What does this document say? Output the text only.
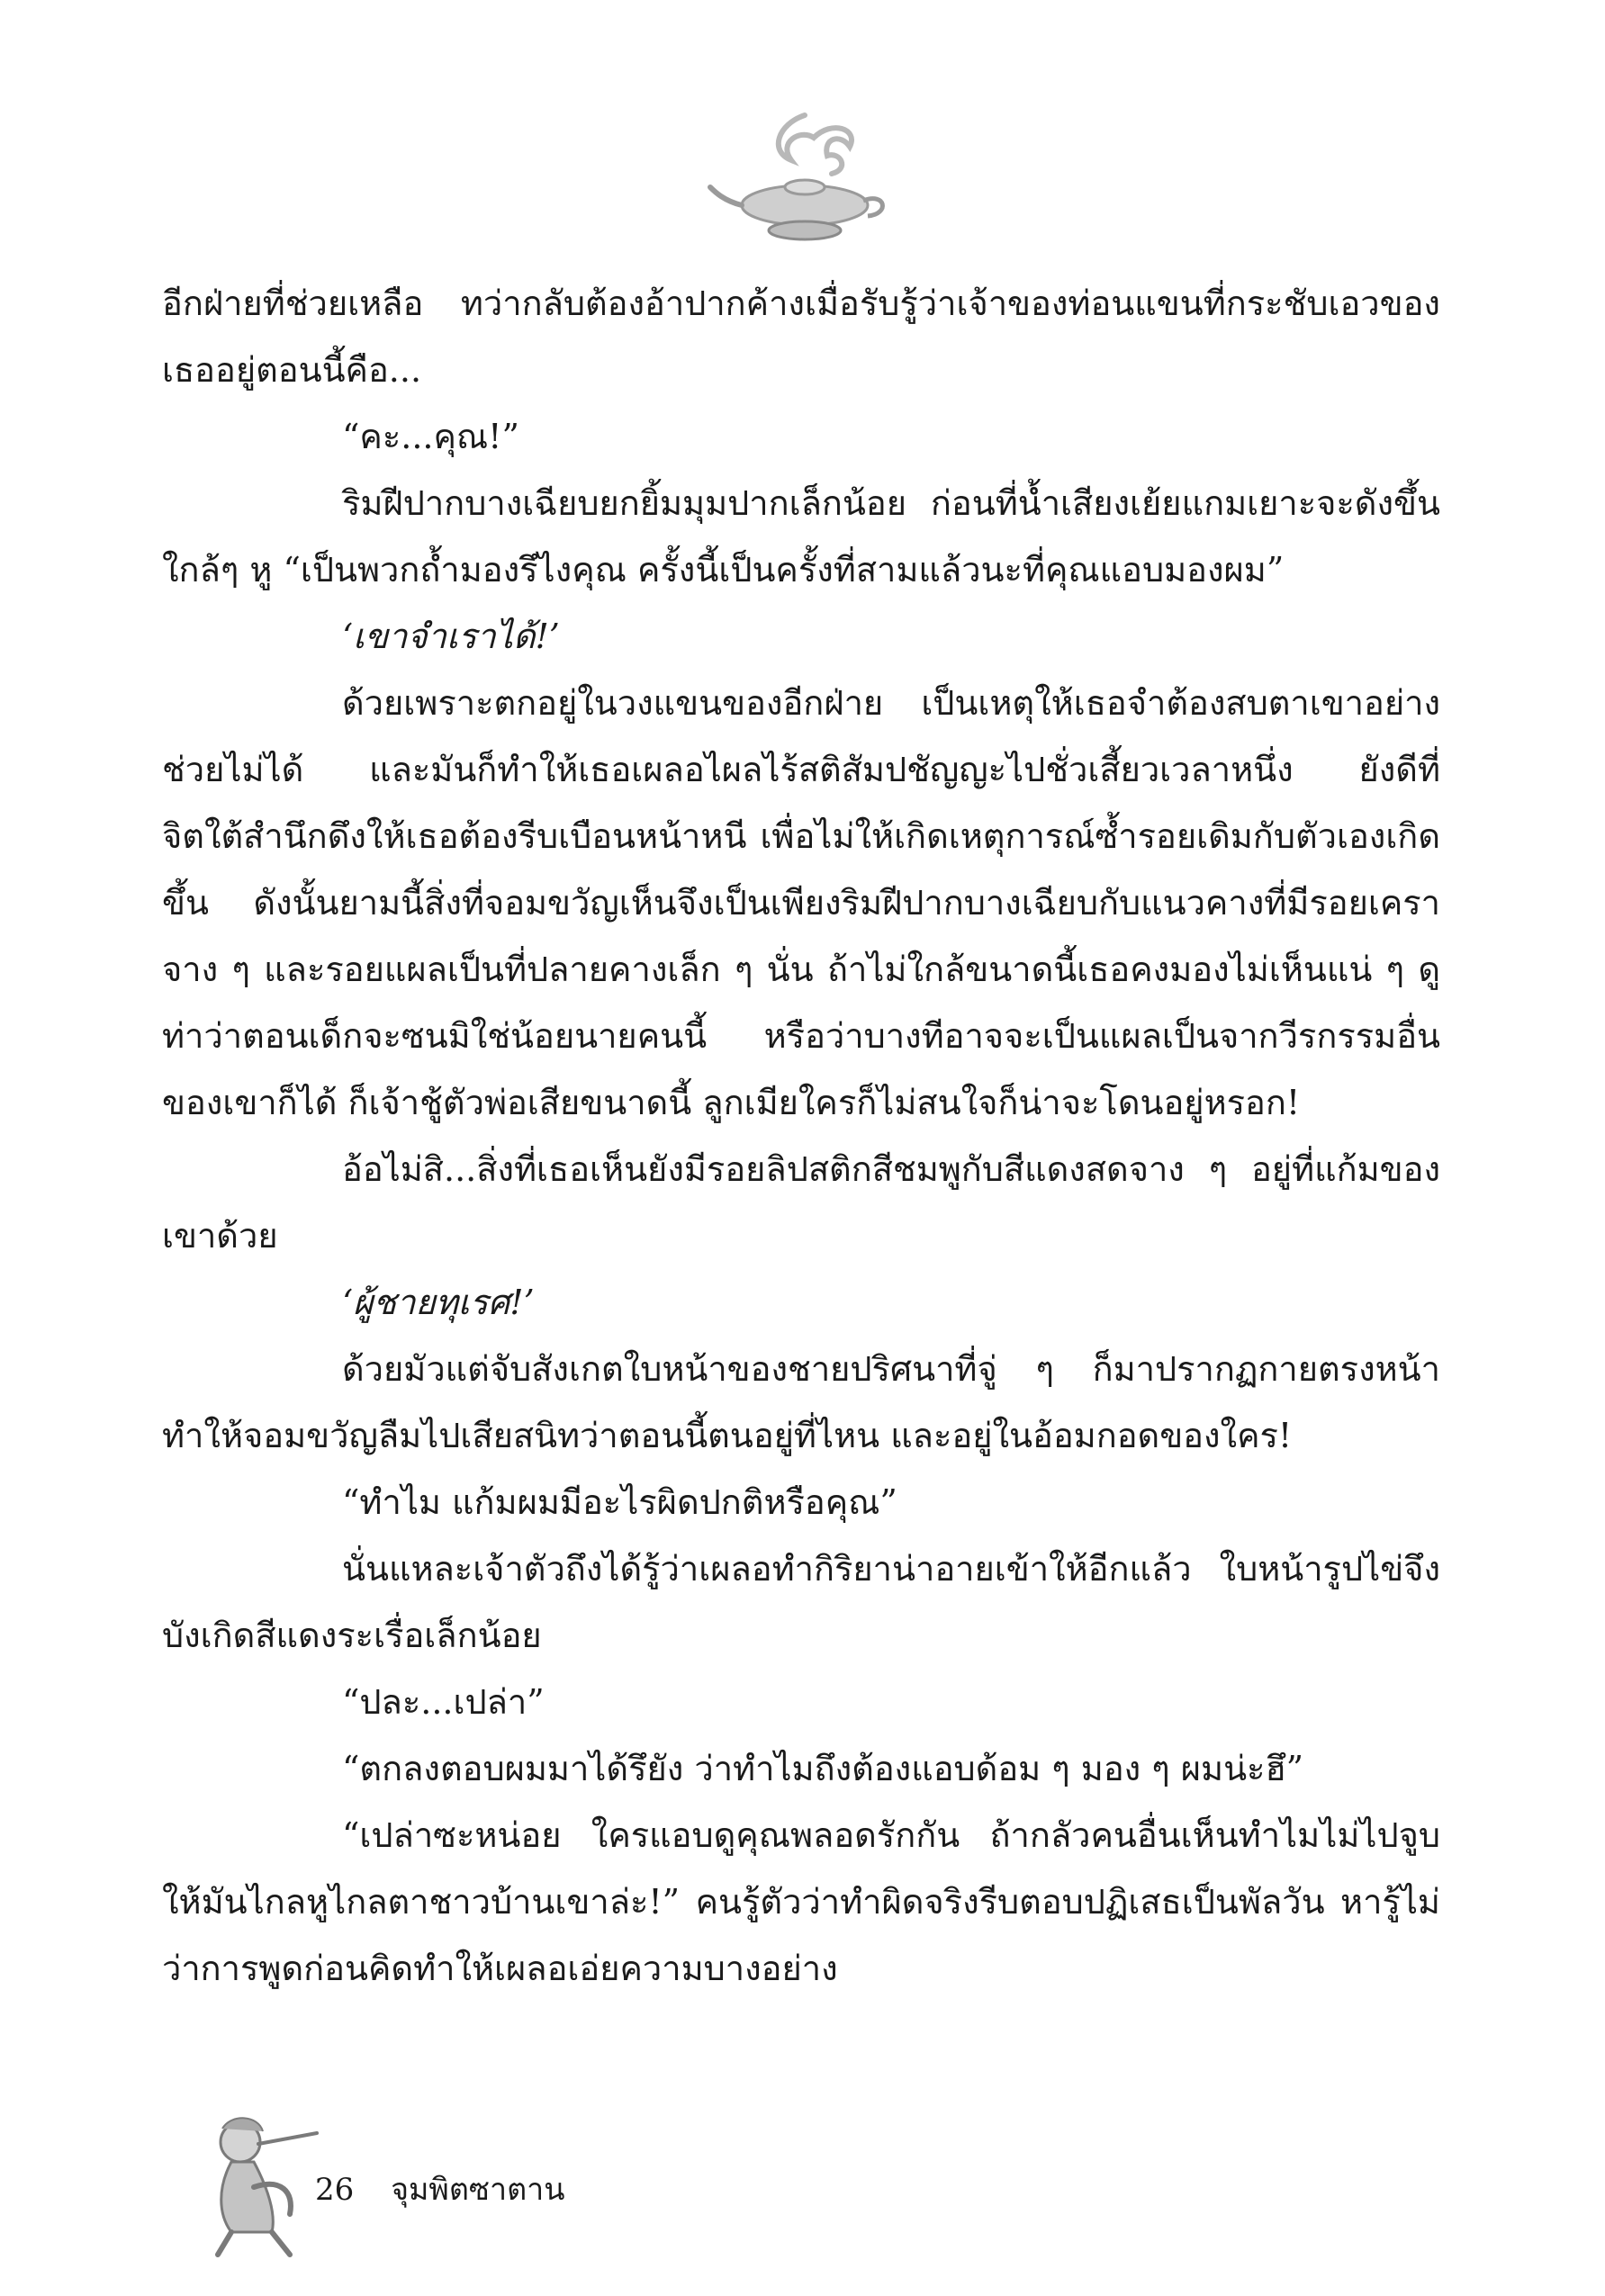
อีกฝ่ายที่ช่วยเหลือ ทว่ากลับต้องอ้าปากค้างเมื่อรับรู้ว่าเจ้าของท่อนแขนที่กระชับเอวของเธออยู่ตอนนี้คือ...

“คะ...คุณ!”

ริมฝีปากบางเฉียบยกยิ้มมุมปากเล็กน้อย ก่อนที่น้ำเสียงเย้ยแกมเยาะจะดังขึ้นใกล้ๆ หู “เป็นพวกถ้ำมองรึไงคุณ ครั้งนี้เป็นครั้งที่สามแล้วนะที่คุณแอบมองผม”

‘เขาจำเราได้!’

ด้วยเพราะตกอยู่ในวงแขนของอีกฝ่าย เป็นเหตุให้เธอจำต้องสบตาเขาอย่างช่วยไม่ได้ และมันก็ทำให้เธอเผลอไผลไร้สติสัมปชัญญะไปชั่วเสี้ยวเวลาหนึ่ง ยังดีที่จิตใต้สำนึกดึงให้เธอต้องรีบเบือนหน้าหนี เพื่อไม่ให้เกิดเหตุการณ์ซ้ำรอยเดิมกับตัวเองเกิดขึ้น ดังนั้นยามนี้สิ่งที่จอมขวัญเห็นจึงเป็นเพียงริมฝีปากบางเฉียบกับแนวคางที่มีรอยเคราจาง ๆ และรอยแผลเป็นที่ปลายคางเล็ก ๆ นั่น ถ้าไม่ใกล้ขนาดนี้เธอคงมองไม่เห็นแน่ ๆ ดูท่าว่าตอนเด็กจะซนมิใช่น้อยนายคนนี้ หรือว่าบางทีอาจจะเป็นแผลเป็นจากวีรกรรมอื่นของเขาก็ได้ ก็เจ้าชู้ตัวพ่อเสียขนาดนี้ ลูกเมียใครก็ไม่สนใจก็น่าจะโดนอยู่หรอก!

อ้อไม่สิ...สิ่งที่เธอเห็นยังมีรอยลิปสติกสีชมพูกับสีแดงสดจาง ๆ อยู่ที่แก้มของเขาด้วย

‘ผู้ชายทุเรศ!’

ด้วยมัวแต่จับสังเกตใบหน้าของชายปริศนาที่จู่ ๆ ก็มาปรากฏกายตรงหน้าทำให้จอมขวัญลืมไปเสียสนิทว่าตอนนี้ตนอยู่ที่ไหน และอยู่ในอ้อมกอดของใคร!

“ทำไม แก้มผมมีอะไรผิดปกติหรือคุณ”

นั่นแหละเจ้าตัวถึงได้รู้ว่าเผลอทำกิริยาน่าอายเข้าให้อีกแล้ว ใบหน้ารูปไข่จึงบังเกิดสีแดงระเรื่อเล็กน้อย

“ปละ...เปล่า”

“ตกลงตอบผมมาได้รึยัง ว่าทำไมถึงต้องแอบด้อม ๆ มอง ๆ ผมน่ะฮึ”

“เปล่าซะหน่อย ใครแอบดูคุณพลอดรักกัน ถ้ากลัวคนอื่นเห็นทำไมไม่ไปจูบให้มันไกลหูไกลตาชาวบ้านเขาล่ะ!” คนรู้ตัวว่าทำผิดจริงรีบตอบปฏิเสธเป็นพัลวัน หารู้ไม่ว่าการพูดก่อนคิดทำให้เผลอเอ่ยความบางอย่าง

26 จุมพิตซาตาน
